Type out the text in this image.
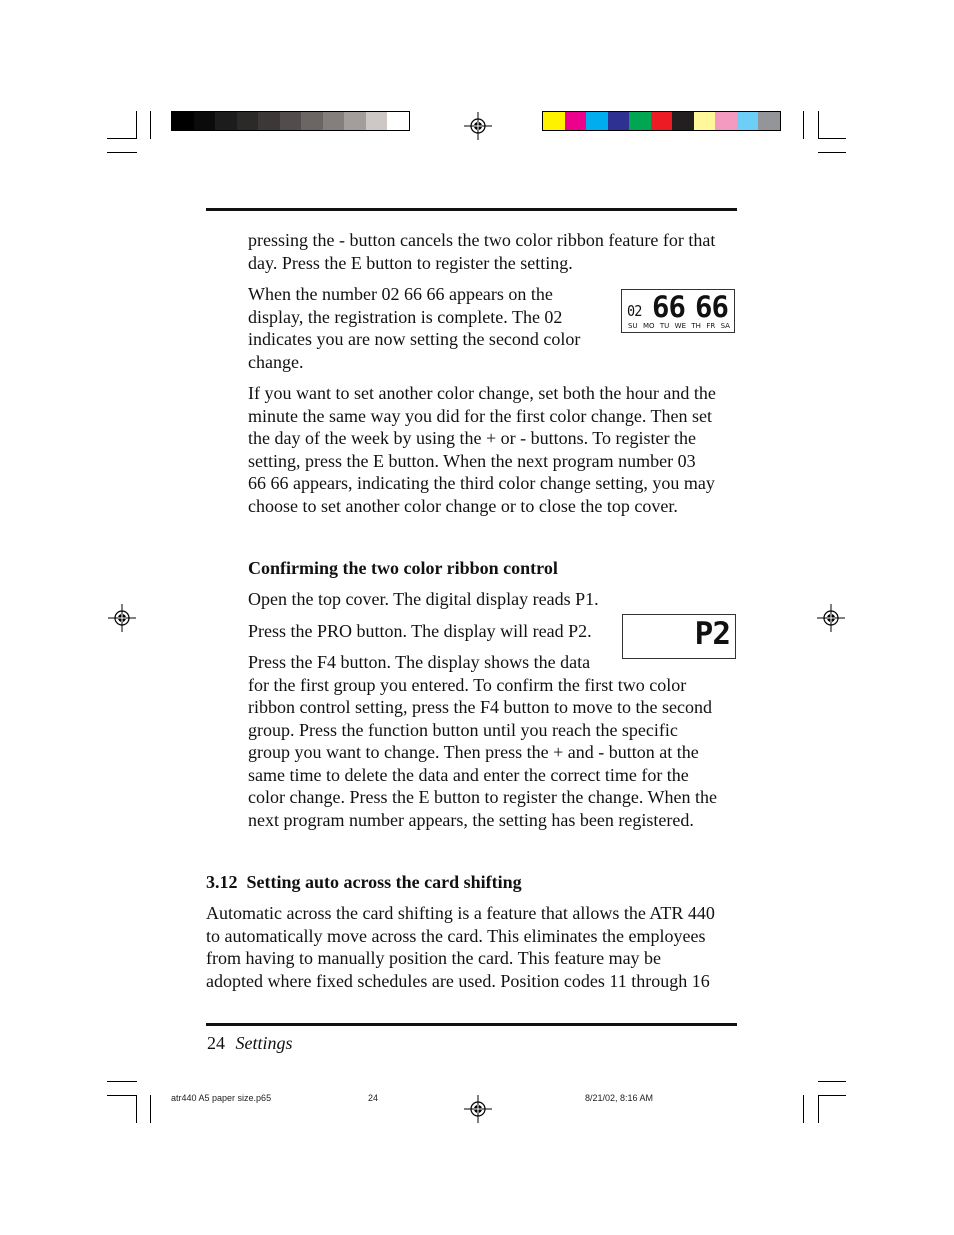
pressing the - button cancels the two color ribbon feature for that
day. Press the E button to register the setting.
When the number 02 66 66 appears on the
display, the registration is complete. The 02
indicates you are now setting the second color
change.
02 66 66
SU MO TU WE TH FR SA
If you want to set another color change, set both the hour and the
minute the same way you did for the first color change. Then set
the day of the week by using the + or - buttons. To register the
setting, press the E button. When the next program number 03
66 66 appears, indicating the third color change setting, you may
choose to set another color change or to close the top cover.
Confirming the two color ribbon control
Open the top cover. The digital display reads P1.
Press the PRO button. The display will read P2.	P2
Press the F4 button. The display shows the data
for the first group you entered. To confirm the first two color
ribbon control setting, press the F4 button to move to the second
group. Press the function button until you reach the specific
group you want to change. Then press the + and - button at the
same time to delete the data and enter the correct time for the
color change. Press the E button to register the change. When the
next program number appears, the setting has been registered.
3.12  Setting auto across the card shifting
Automatic across the card shifting is a feature that allows the ATR 440
to automatically move across the card. This eliminates the employees
from having to manually position the card. This feature may be
adopted where fixed schedules are used. Position codes 11 through 16
24 Settings
atr440 A5 paper size.p65	24	8/21/02, 8:16 AM
